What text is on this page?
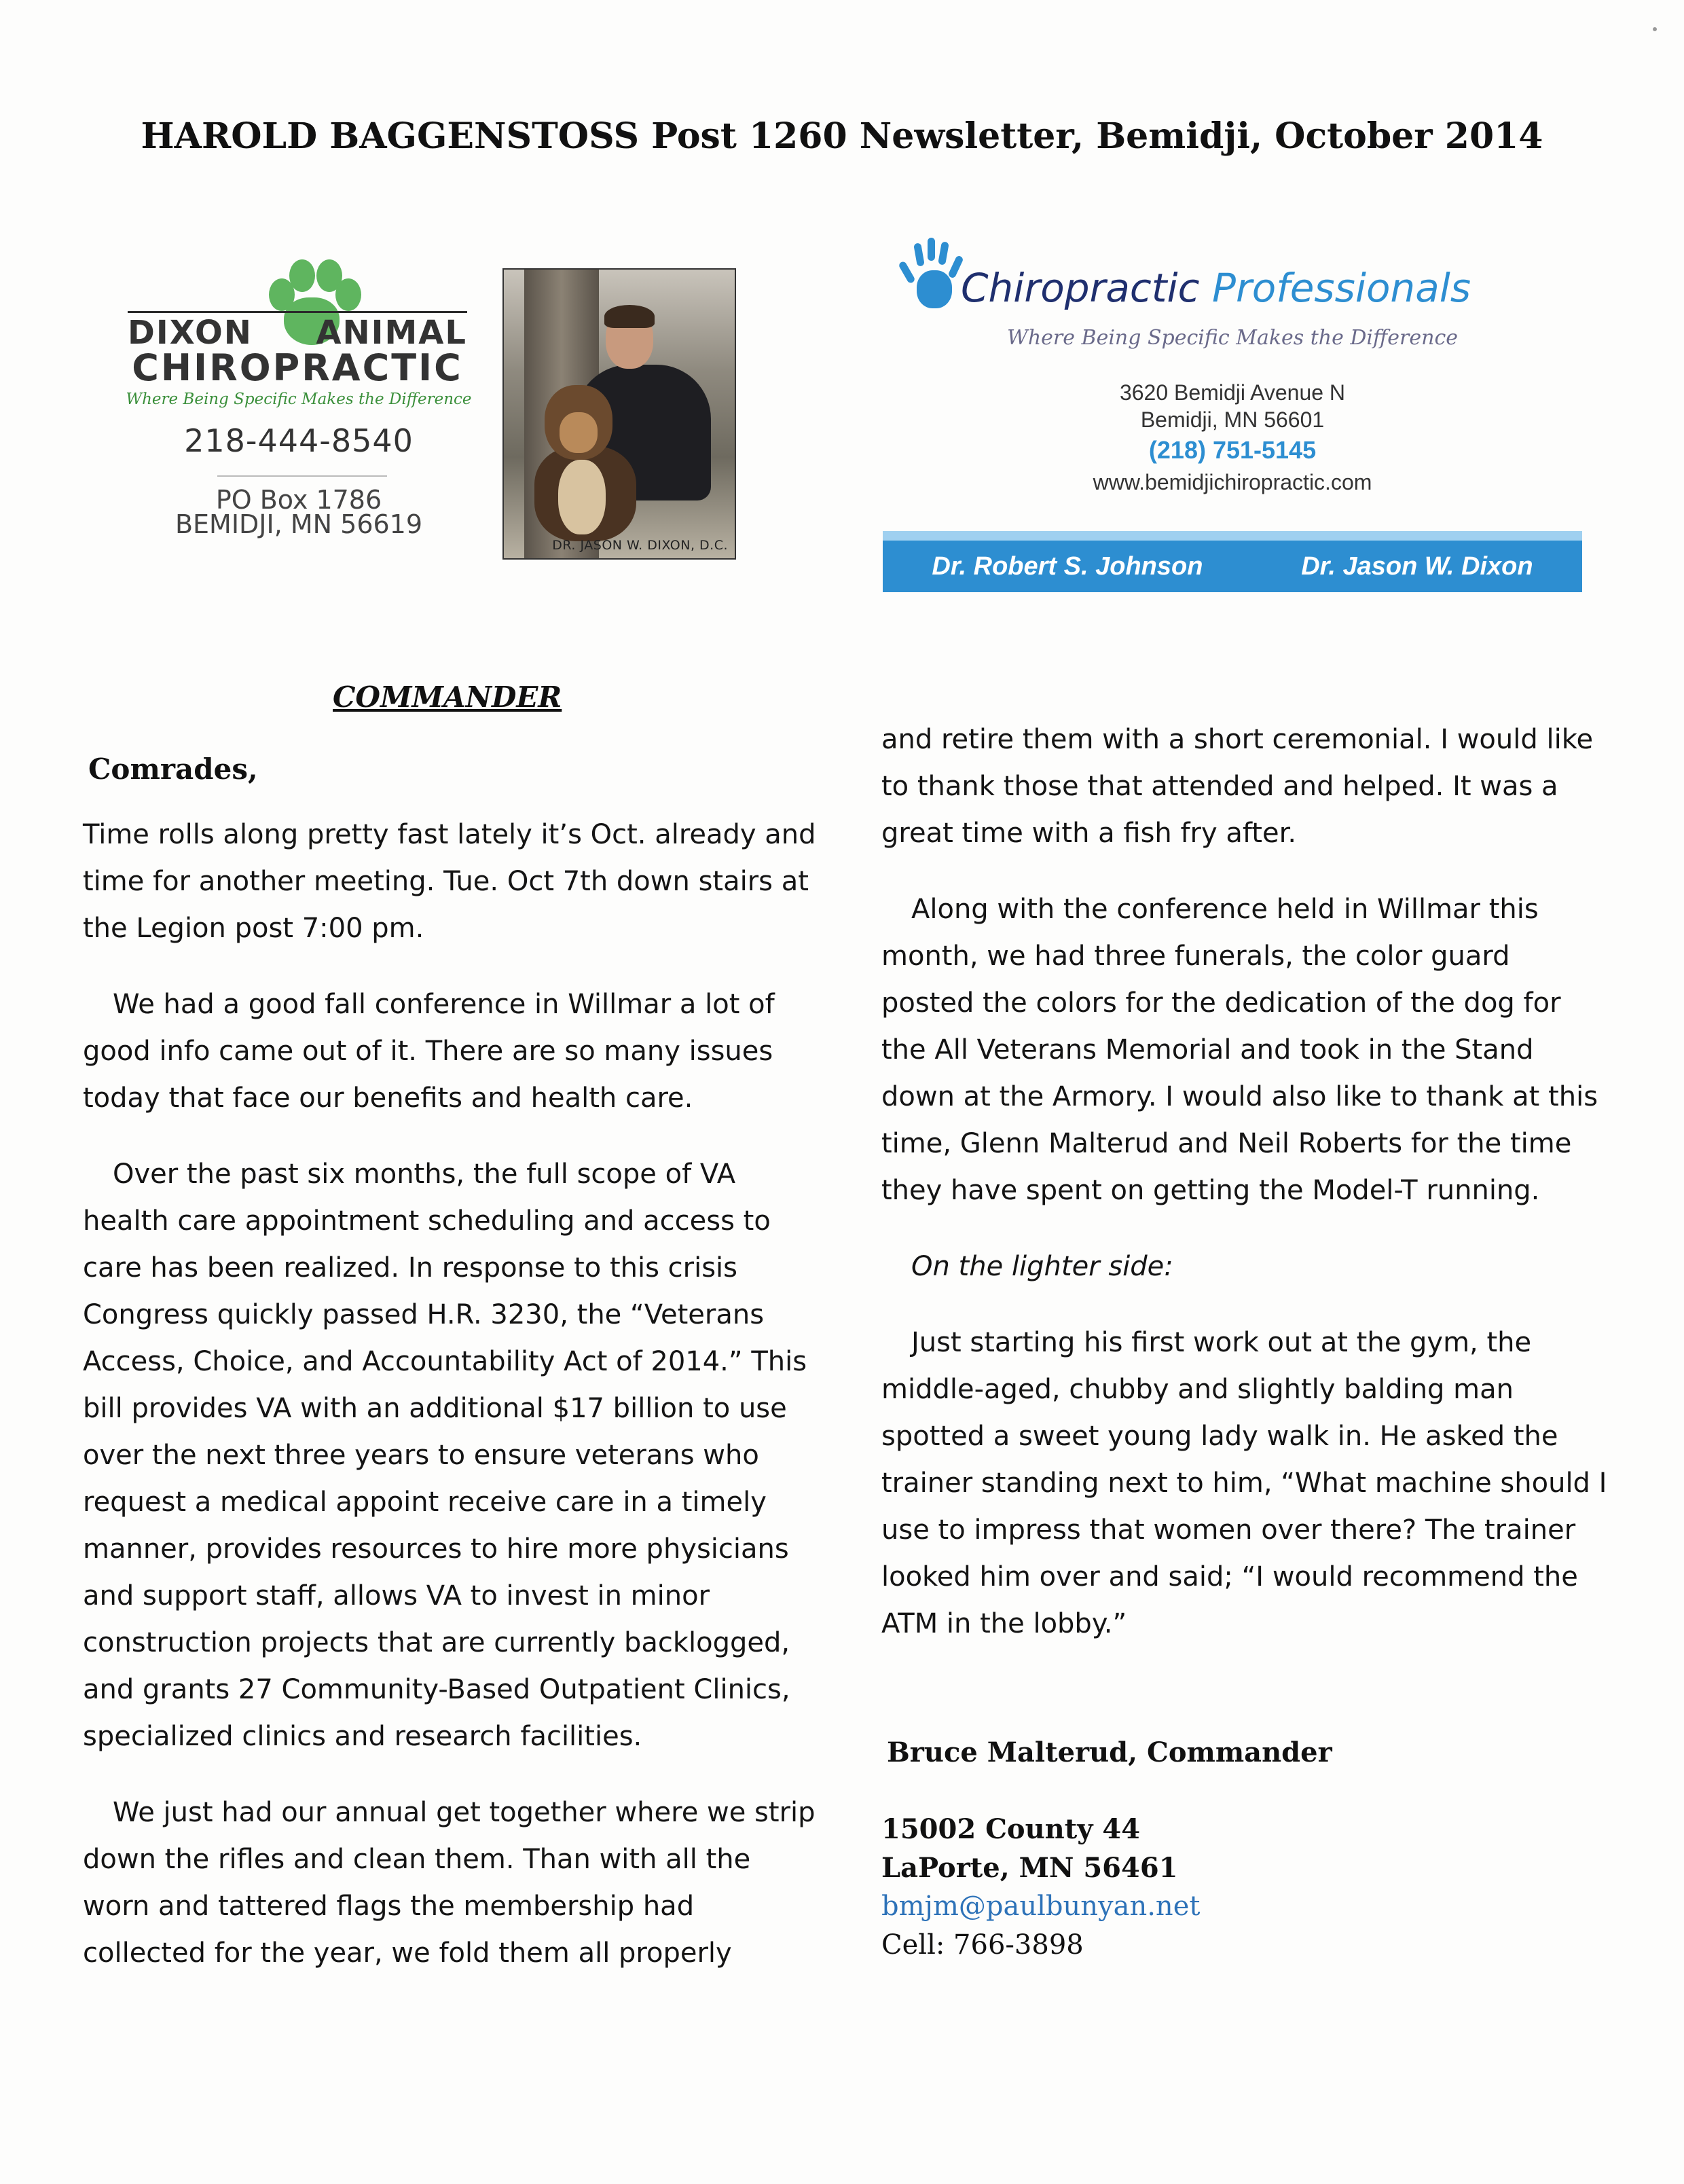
HAROLD BAGGENSTOSS Post 1260 Newsletter, Bemidji, October 2014
DIXON ANIMAL
CHIROPRACTIC
Where Being Specific Makes the Difference
218-444-8540
PO Box 1786
BEMIDJI, MN 56619
DR. JASON W. DIXON, D.C.
Chiropractic Professionals
Where Being Specific Makes the Difference
3620 Bemidji Avenue N
Bemidji, MN 56601
(218) 751-5145
www.bemidjichiropractic.com
Dr. Robert S. Johnson	Dr. Jason W. Dixon
COMMANDER
Comrades,

Time rolls along pretty fast lately it’s Oct. already and time for another meeting. Tue. Oct 7th down stairs at the Legion post 7:00 pm.

We had a good fall conference in Willmar a lot of good info came out of it. There are so many issues today that face our benefits and health care.

Over the past six months, the full scope of VA health care appointment scheduling and access to care has been realized. In response to this crisis Congress quickly passed H.R. 3230, the “Veterans Access, Choice, and Accountability Act of 2014.” This bill provides VA with an additional $17 billion to use over the next three years to ensure veterans who request a medical appoint receive care in a timely manner, provides resources to hire more physicians and support staff, allows VA to invest in minor construction projects that are currently backlogged, and grants 27 Community-Based Outpatient Clinics, specialized clinics and research facilities.

We just had our annual get together where we strip down the rifles and clean them. Than with all the worn and tattered flags the membership had collected for the year, we fold them all properly

and retire them with a short ceremonial. I would like to thank those that attended and helped. It was a great time with a fish fry after.

Along with the conference held in Willmar this month, we had three funerals, the color guard posted the colors for the dedication of the dog for the All Veterans Memorial and took in the Stand down at the Armory. I would also like to thank at this time, Glenn Malterud and Neil Roberts for the time they have spent on getting the Model-T running.

On the lighter side:

Just starting his first work out at the gym, the middle-aged, chubby and slightly balding man spotted a sweet young lady walk in. He asked the trainer standing next to him, “What machine should I use to impress that women over there? The trainer looked him over and said; “I would recommend the ATM in the lobby.”

Bruce Malterud, Commander
15002 County 44
LaPorte, MN 56461
bmjm@paulbunyan.net
Cell: 766-3898
